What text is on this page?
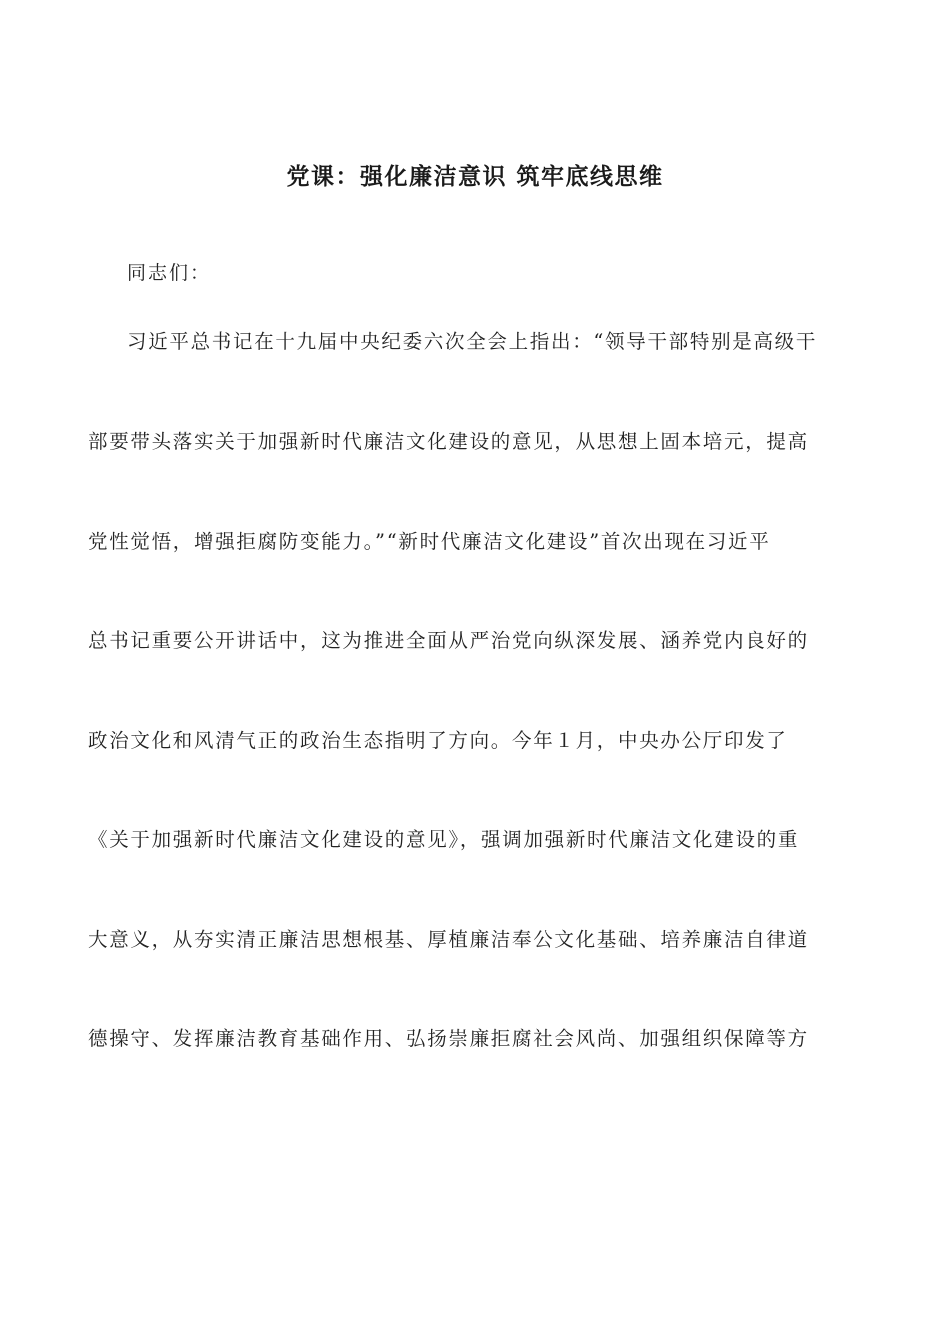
党课：强化廉洁意识 筑牢底线思维
同志们：
习近平总书记在十九届中央纪委六次全会上指出：“领导干部特别是高级干
部要带头落实关于加强新时代廉洁文化建设的意见，从思想上固本培元，提高
党性觉悟，增强拒腐防变能力。”“新时代廉洁文化建设”首次出现在习近平
总书记重要公开讲话中，这为推进全面从严治党向纵深发展、涵养党内良好的
政治文化和风清气正的政治生态指明了方向。今年１月，中央办公厅印发了
《关于加强新时代廉洁文化建设的意见》，强调加强新时代廉洁文化建设的重
大意义，从夯实清正廉洁思想根基、厚植廉洁奉公文化基础、培养廉洁自律道
德操守、发挥廉洁教育基础作用、弘扬崇廉拒腐社会风尚、加强组织保障等方
